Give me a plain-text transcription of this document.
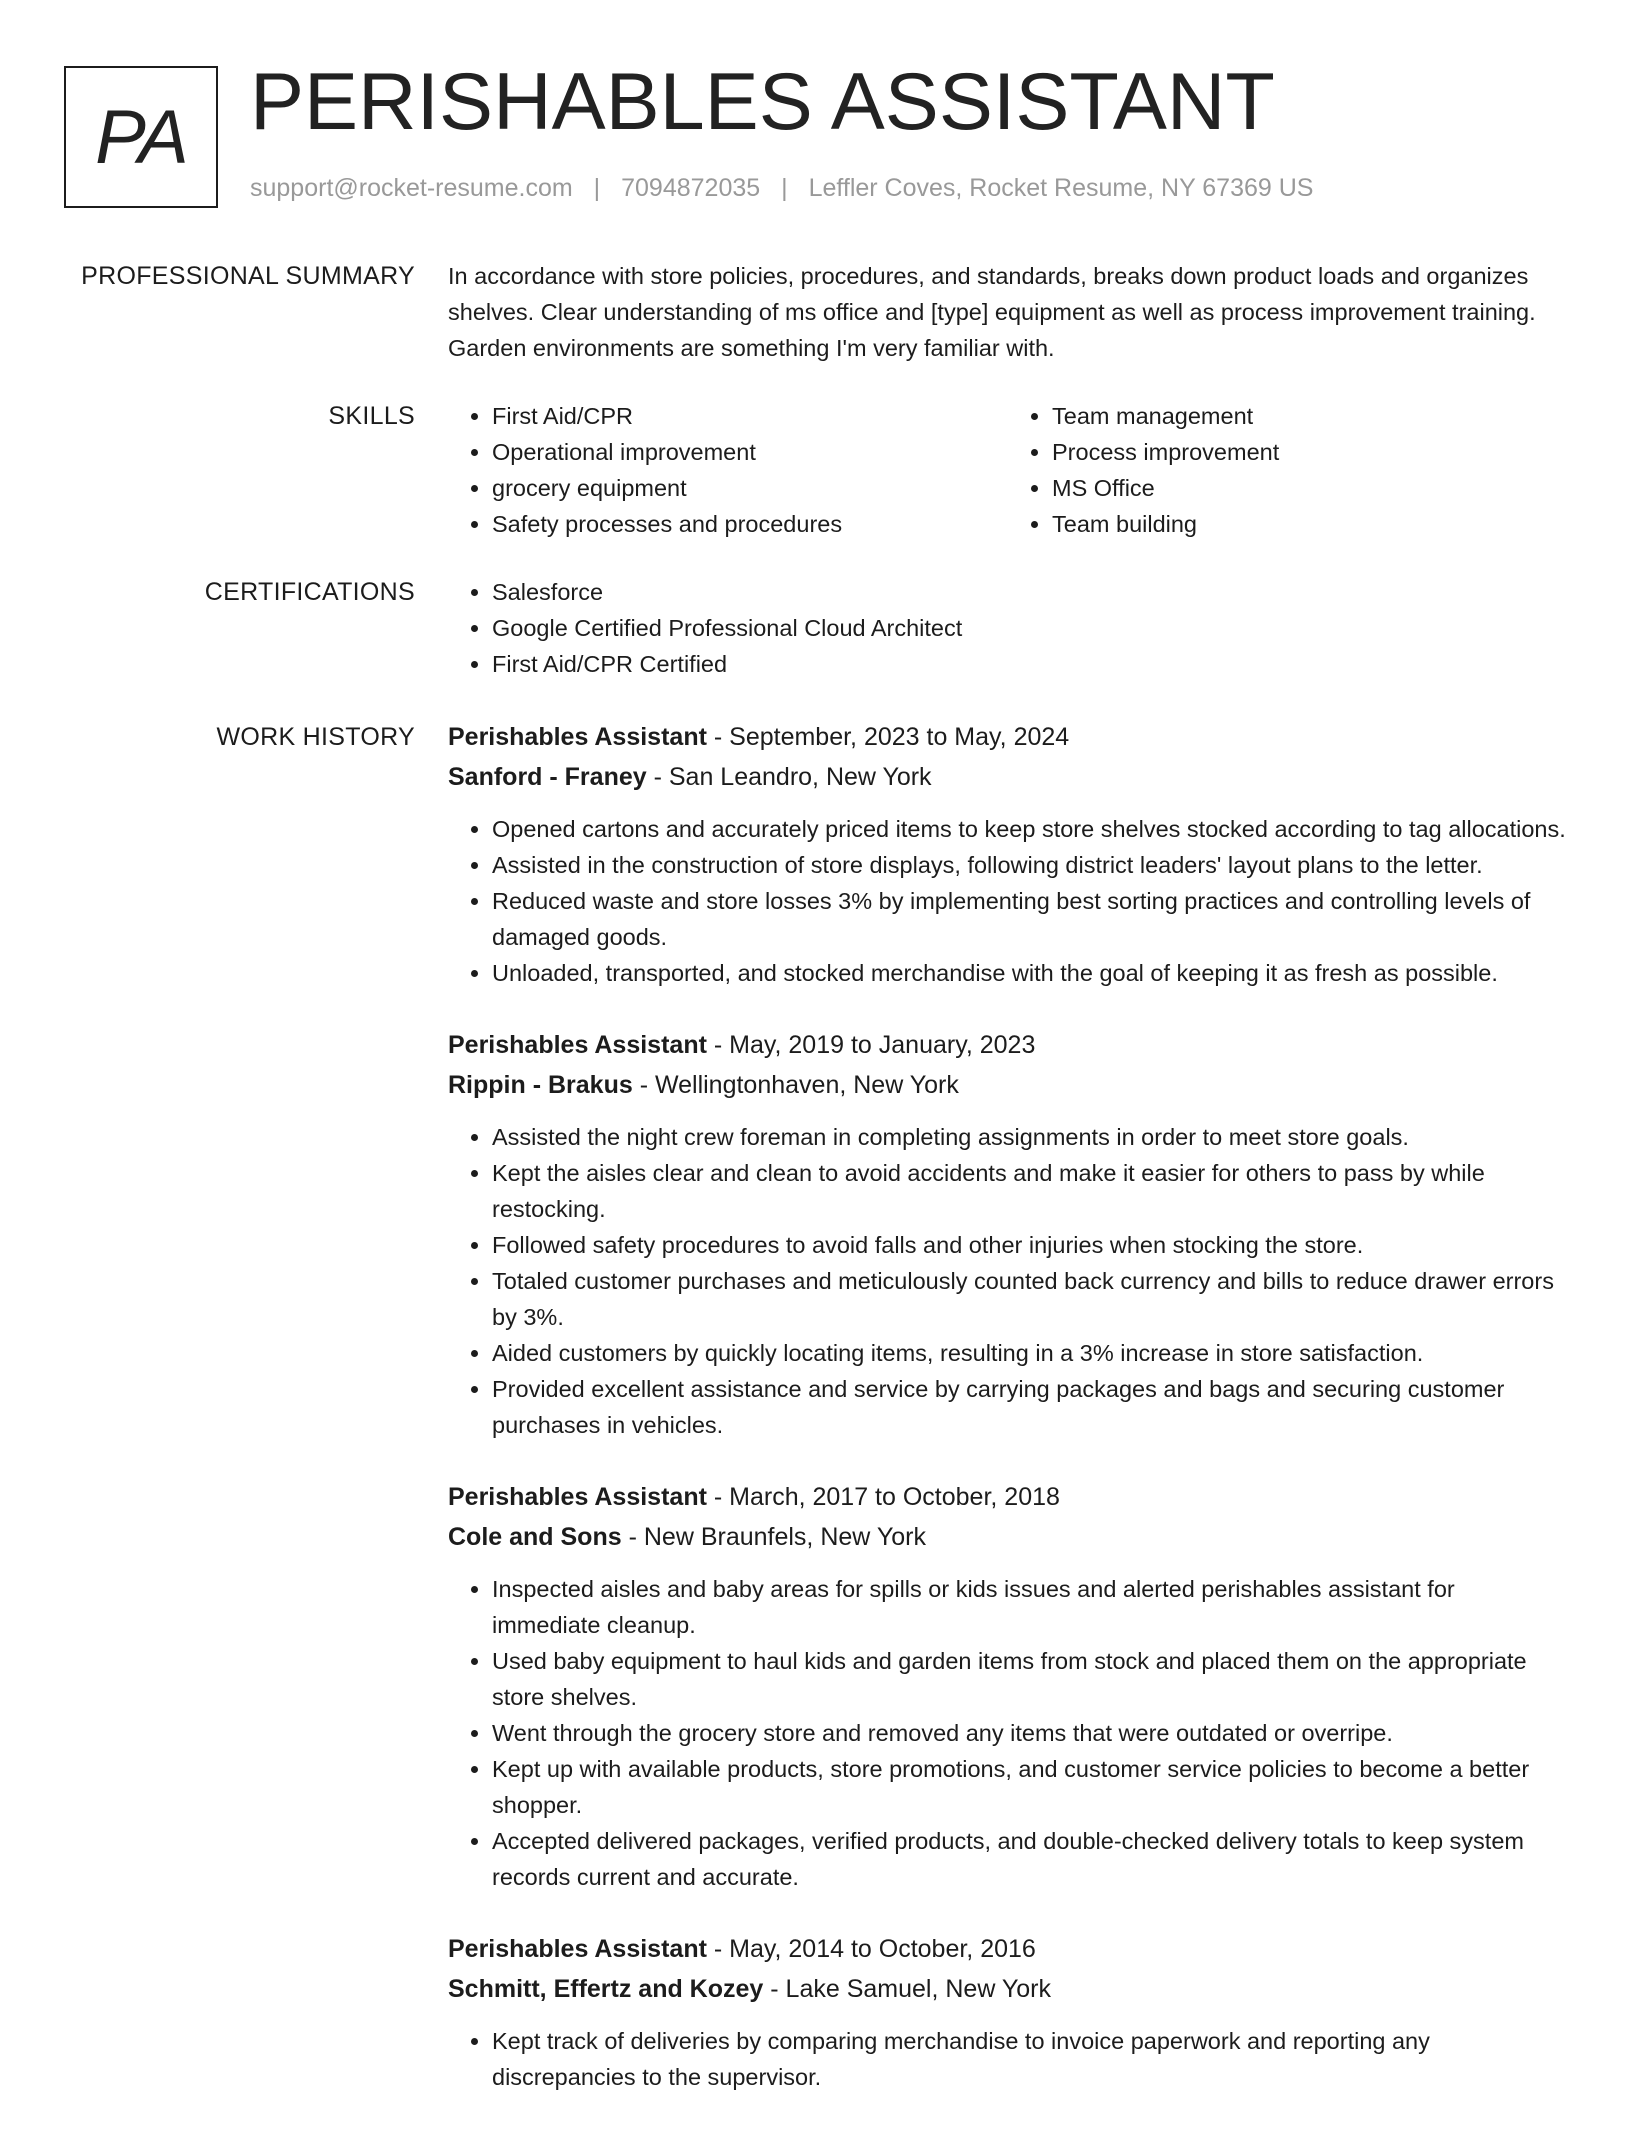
PA PERISHABLES ASSISTANT
support@rocket-resume.com | 7094872035 | Leffler Coves, Rocket Resume, NY 67369 US
PROFESSIONAL SUMMARY In accordance with store policies, procedures, and standards, breaks down product loads and organizes shelves. Clear understanding of ms office and [type] equipment as well as process improvement training. Garden environments are something I'm very familiar with.

SKILLS	• First Aid/CPR
• Operational improvement
• grocery equipment
• Safety processes and procedures
• Team management
• Process improvement
• MS Office
• Team building
CERTIFICATIONS	• Salesforce
• Google Certified Professional Cloud Architect
• First Aid/CPR Certified
WORK HISTORY Perishables Assistant - September, 2023 to May, 2024
Sanford - Franey - San Leandro, New York
• Opened cartons and accurately priced items to keep store shelves stocked according to tag allocations.
• Assisted in the construction of store displays, following district leaders' layout plans to the letter.
• Reduced waste and store losses 3% by implementing best sorting practices and controlling levels of damaged goods.
• Unloaded, transported, and stocked merchandise with the goal of keeping it as fresh as possible.
Perishables Assistant - May, 2019 to January, 2023
Rippin - Brakus - Wellingtonhaven, New York
• Assisted the night crew foreman in completing assignments in order to meet store goals.
• Kept the aisles clear and clean to avoid accidents and make it easier for others to pass by while restocking.
• Followed safety procedures to avoid falls and other injuries when stocking the store.
• Totaled customer purchases and meticulously counted back currency and bills to reduce drawer errors by 3%.
• Aided customers by quickly locating items, resulting in a 3% increase in store satisfaction.
• Provided excellent assistance and service by carrying packages and bags and securing customer purchases in vehicles.
Perishables Assistant - March, 2017 to October, 2018
Cole and Sons - New Braunfels, New York
• Inspected aisles and baby areas for spills or kids issues and alerted perishables assistant for immediate cleanup.
• Used baby equipment to haul kids and garden items from stock and placed them on the appropriate store shelves.
• Went through the grocery store and removed any items that were outdated or overripe.
• Kept up with available products, store promotions, and customer service policies to become a better shopper.
• Accepted delivered packages, verified products, and double-checked delivery totals to keep system records current and accurate.
Perishables Assistant - May, 2014 to October, 2016
Schmitt, Effertz and Kozey - Lake Samuel, New York
• Kept track of deliveries by comparing merchandise to invoice paperwork and reporting any discrepancies to the supervisor.
